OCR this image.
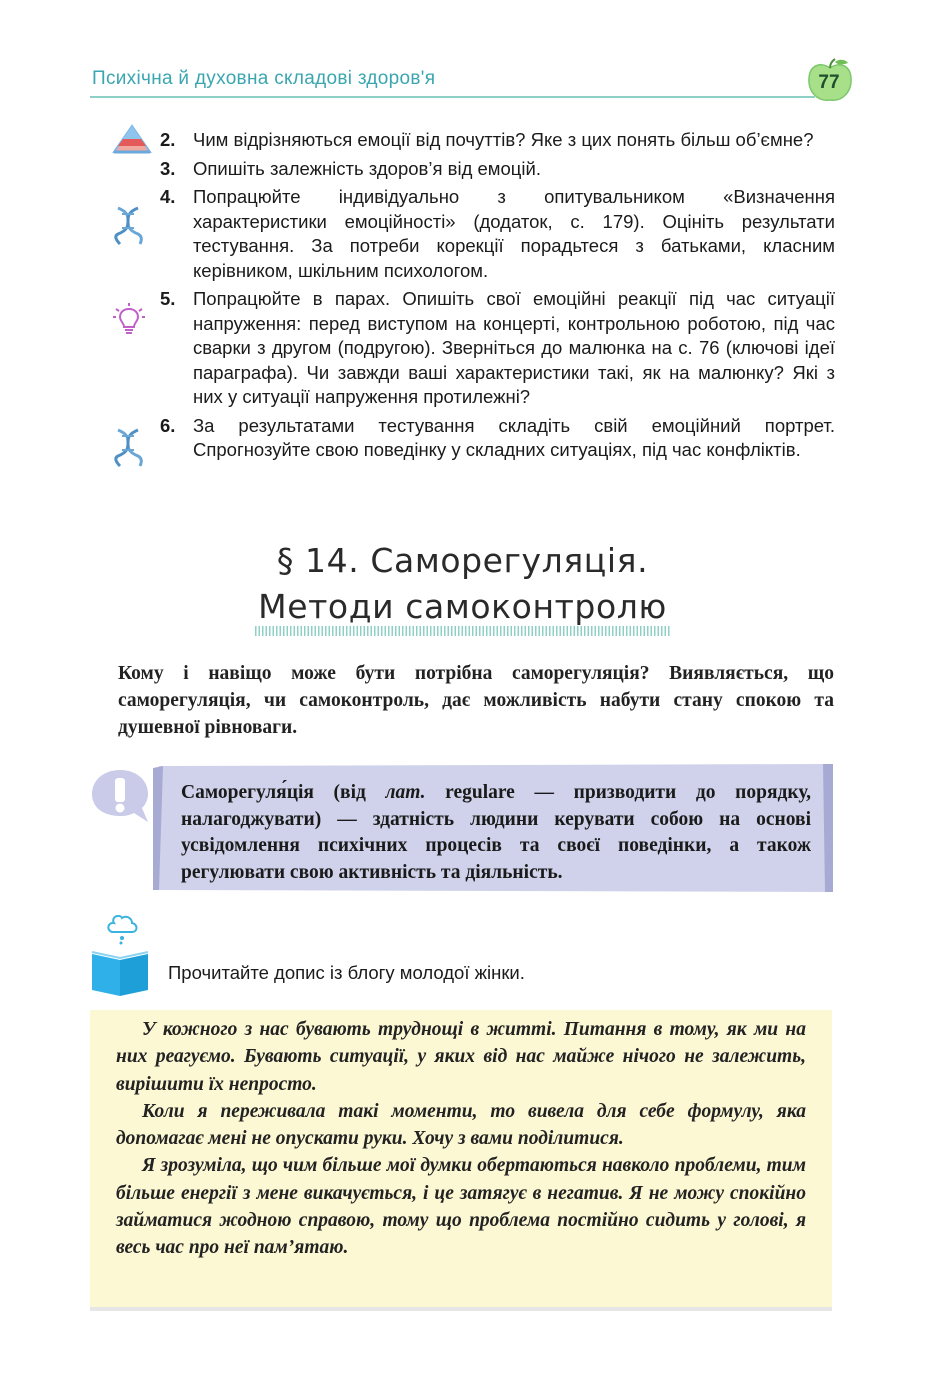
Психічна й духовна складові здоров'я	77
2. Чим відрізняються емоції від почуттів? Яке з цих понять більш об’ємне?
3. Опишіть залежність здоров’я від емоцій.
4. Попрацюйте індивідуально з опитувальником «Визначення характеристики емоційності» (додаток, с. 179). Оцініть результати тестування. За потреби корекції порадьтеся з батьками, класним керівником, шкільним психологом.
5. Попрацюйте в парах. Опишіть свої емоційні реакції під час ситуації напруження: перед виступом на концерті, контрольною роботою, під час сварки з другом (подругою). Зверніться до малюнка на с. 76 (ключові ідеї параграфа). Чи завжди ваші характеристики такі, як на малюнку? Які з них у ситуації напруження протилежні?
6. За результатами тестування складіть свій емоційний портрет. Спрогнозуйте свою поведінку у складних ситуаціях, під час конфліктів.
§ 14. Саморегуляція.
Методи самоконтролю

Кому і навіщо може бути потрібна саморегуляція? Виявляється, що саморегуляція, чи самоконтроль, дає можливість набути стану спокою та душевної рівноваги.

Саморегуля́ція (від лат. regulare — призводити до порядку, налагоджувати) — здатність людини керувати собою на основі усвідомлення психічних процесів та своєї поведінки, а також регулювати свою активність та діяльність.
Прочитайте допис із блогу молодої жінки.

У кожного з нас бувають труднощі в житті. Питання в тому, як ми на них реагуємо. Бувають ситуації, у яких від нас майже нічого не залежить, вирішити їх непросто.

Коли я переживала такі моменти, то вивела для себе формулу, яка допомагає мені не опускати руки. Хочу з вами поділитися.

Я зрозуміла, що чим більше мої думки обертаються навколо проблеми, тим більше енергії з мене викачується, і це затягує в негатив. Я не можу спокійно займатися жодною справою, тому що проблема постійно сидить у голові, я весь час про неї пам’ятаю.
